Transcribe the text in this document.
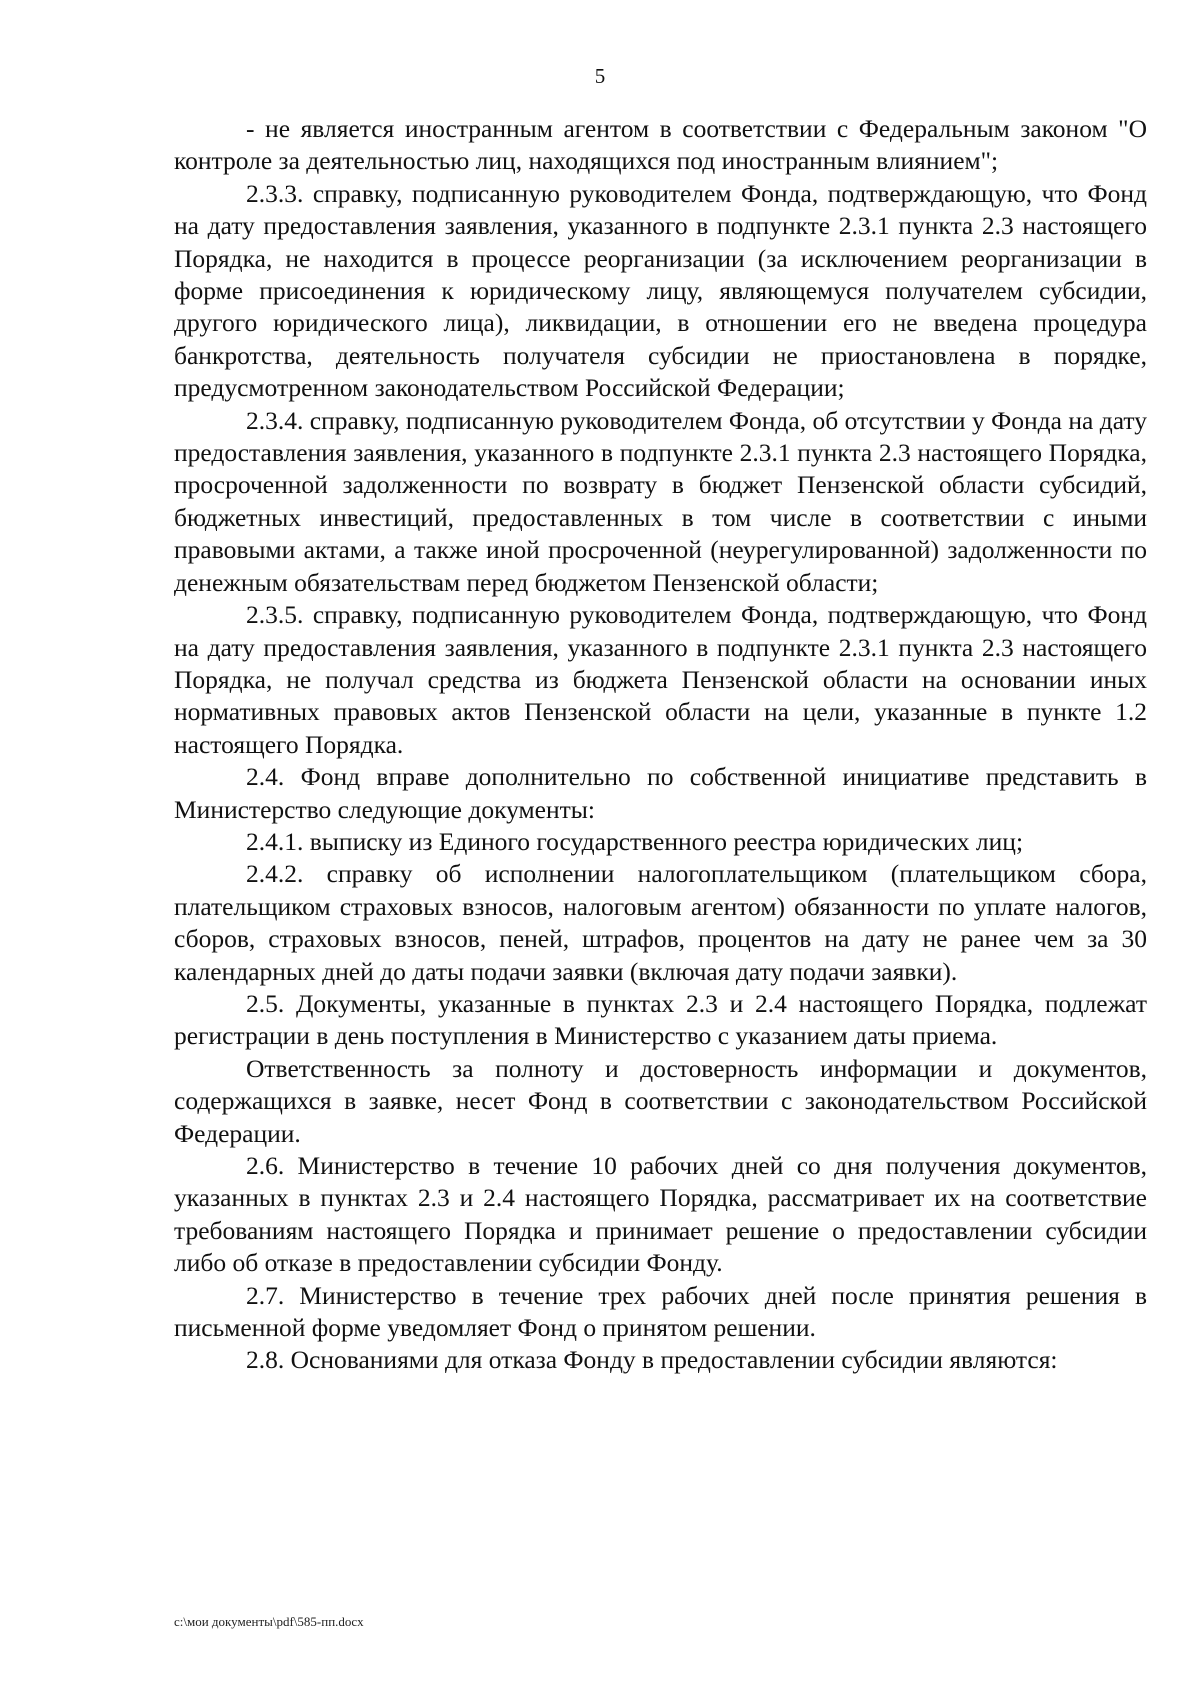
5

- не является иностранным агентом в соответствии с Федеральным законом "О контроле за деятельностью лиц, находящихся под иностранным влиянием";

2.3.3. справку, подписанную руководителем Фонда, подтверждающую, что Фонд на дату предоставления заявления, указанного в подпункте 2.3.1 пункта 2.3 настоящего Порядка, не находится в процессе реорганизации (за исключением реорганизации в форме присоединения к юридическому лицу, являющемуся получателем субсидии, другого юридического лица), ликвидации, в отношении его не введена процедура банкротства, деятельность получателя субсидии не приостановлена в порядке, предусмотренном законодательством Российской Федерации;

2.3.4. справку, подписанную руководителем Фонда, об отсутствии у Фонда на дату предоставления заявления, указанного в подпункте 2.3.1 пункта 2.3 настоящего Порядка, просроченной задолженности по возврату в бюджет Пензенской области субсидий, бюджетных инвестиций, предоставленных в том числе в соответствии с иными правовыми актами, а также иной просроченной (неурегулированной) задолженности по денежным обязательствам перед бюджетом Пензенской области;

2.3.5. справку, подписанную руководителем Фонда, подтверждающую, что Фонд на дату предоставления заявления, указанного в подпункте 2.3.1 пункта 2.3 настоящего Порядка, не получал средства из бюджета Пензенской области на основании иных нормативных правовых актов Пензенской области на цели, указанные в пункте 1.2 настоящего Порядка.

2.4. Фонд вправе дополнительно по собственной инициативе представить в Министерство следующие документы:

2.4.1. выписку из Единого государственного реестра юридических лиц;

2.4.2. справку об исполнении налогоплательщиком (плательщиком сбора, плательщиком страховых взносов, налоговым агентом) обязанности по уплате налогов, сборов, страховых взносов, пеней, штрафов, процентов на дату не ранее чем за 30 календарных дней до даты подачи заявки (включая дату подачи заявки).

2.5. Документы, указанные в пунктах 2.3 и 2.4 настоящего Порядка, подлежат регистрации в день поступления в Министерство с указанием даты приема.

Ответственность за полноту и достоверность информации и документов, содержащихся в заявке, несет Фонд в соответствии с законодательством Российской Федерации.

2.6. Министерство в течение 10 рабочих дней со дня получения документов, указанных в пунктах 2.3 и 2.4 настоящего Порядка, рассматривает их на соответствие требованиям настоящего Порядка и принимает решение о предоставлении субсидии либо об отказе в предоставлении субсидии Фонду.

2.7. Министерство в течение трех рабочих дней после принятия решения в письменной форме уведомляет Фонд о принятом решении.

2.8. Основаниями для отказа Фонду в предоставлении субсидии являются:

c:\мои документы\pdf\585-пп.docx
